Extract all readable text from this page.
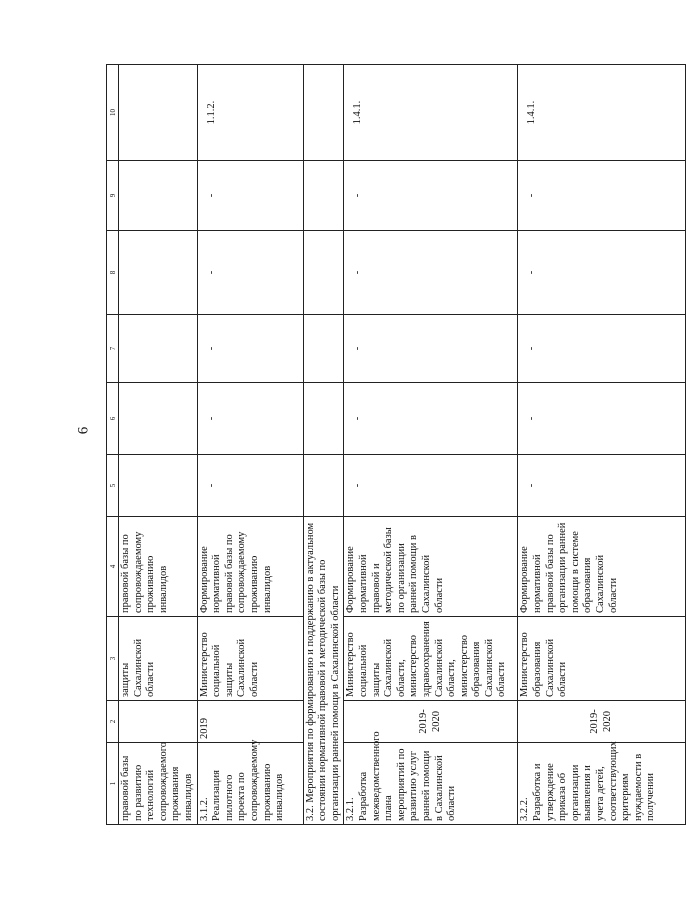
6
1	2	3	4	5	6	7	8	9	10
правовой базы по развитию технологий сопровождаемого проживания инвалидов		защиты Сахалинской области	правовой базы по сопровождаемому проживанию инвалидов						
3.1.2. Реализация пилотного проекта по сопровождаемому проживанию инвалидов	2019	Министерство социальной защиты Сахалинской области	Формирование нормативной правовой базы по сопровождаемому проживанию инвалидов	-	-	-	-	-	1.1.2.
3.2. Мероприятия по формированию и поддержанию в актуальном состоянии нормативной правовой и методической базы по организации ранней помощи в Сахалинской области									
3.2.1. Разработка межведомственного плана мероприятий по развитию услуг ранней помощи в Сахалинской области	2019-2020	Министерство социальной защиты Сахалинской области, министерство здравоохранения Сахалинской области, министерство образования Сахалинской области	Формирование нормативной правовой и методической базы по организации ранней помощи в Сахалинской области	-	-	-	-	-	1.4.1.
3.2.2. Разработка и утверждение приказа об организации выявления и учета детей, соответствующих критериям нуждаемости в получении	2019-2020	Министерство образования Сахалинской области	Формирование нормативной правовой базы по организации ранней помощи в системе образования Сахалинской области	-	-	-	-	-	1.4.1.
